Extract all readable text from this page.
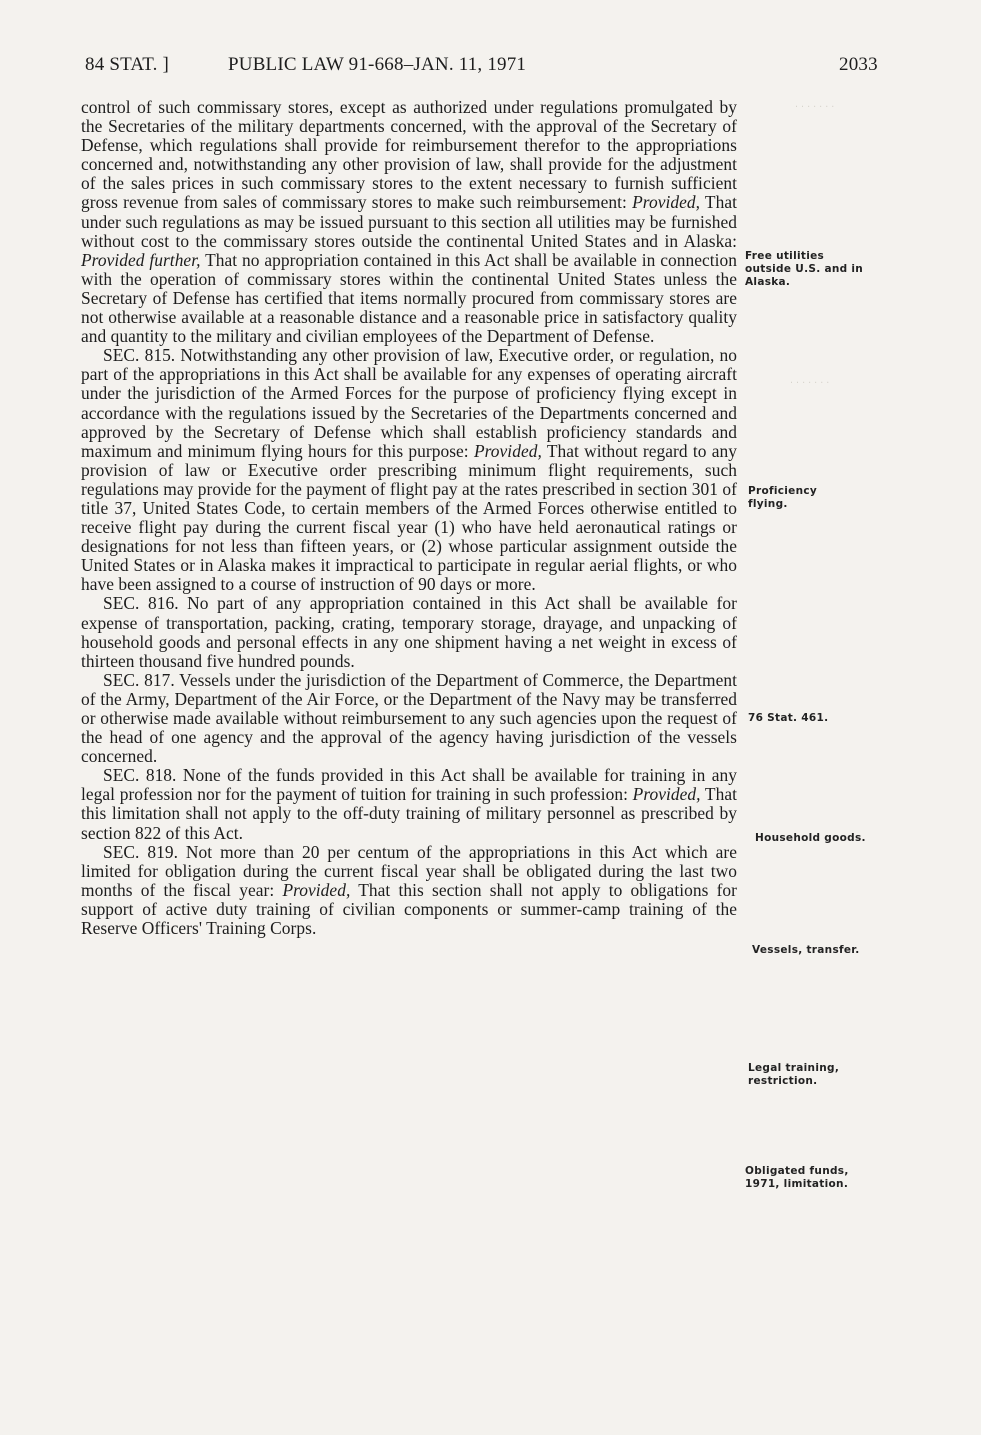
84 STAT. ]	PUBLIC LAW 91-668–JAN. 11, 1971	2033
· · · · · · ·
· · · · · · ·

control of such commissary stores, except as authorized under regulations promulgated by the Secretaries of the military departments concerned, with the approval of the Secretary of Defense, which regulations shall provide for reimbursement therefor to the appropriations concerned and, notwithstanding any other provision of law, shall provide for the adjustment of the sales prices in such commissary stores to the extent necessary to furnish sufficient gross revenue from sales of commissary stores to make such reimbursement: Provided, That under such regulations as may be issued pursuant to this section all utilities may be furnished without cost to the commissary stores outside the continental United States and in Alaska: Provided further, That no appropriation contained in this Act shall be available in connection with the operation of commissary stores within the continental United States unless the Secretary of Defense has certified that items normally procured from commissary stores are not otherwise available at a reasonable distance and a reasonable price in satisfactory quality and quantity to the military and civilian employees of the Department of Defense.

SEC. 815. Notwithstanding any other provision of law, Executive order, or regulation, no part of the appropriations in this Act shall be available for any expenses of operating aircraft under the jurisdiction of the Armed Forces for the purpose of proficiency flying except in accordance with the regulations issued by the Secretaries of the Departments concerned and approved by the Secretary of Defense which shall establish proficiency standards and maximum and minimum flying hours for this purpose: Provided, That without regard to any provision of law or Executive order prescribing minimum flight requirements, such regulations may provide for the payment of flight pay at the rates prescribed in section 301 of title 37, United States Code, to certain members of the Armed Forces otherwise entitled to receive flight pay during the current fiscal year (1) who have held aeronautical ratings or designations for not less than fifteen years, or (2) whose particular assignment outside the United States or in Alaska makes it impractical to participate in regular aerial flights, or who have been assigned to a course of instruction of 90 days or more.

SEC. 816. No part of any appropriation contained in this Act shall be available for expense of transportation, packing, crating, temporary storage, drayage, and unpacking of household goods and personal effects in any one shipment having a net weight in excess of thirteen thousand five hundred pounds.

SEC. 817. Vessels under the jurisdiction of the Department of Commerce, the Department of the Army, Department of the Air Force, or the Department of the Navy may be transferred or otherwise made available without reimbursement to any such agencies upon the request of the head of one agency and the approval of the agency having jurisdiction of the vessels concerned.

SEC. 818. None of the funds provided in this Act shall be available for training in any legal profession nor for the payment of tuition for training in such profession: Provided, That this limitation shall not apply to the off-duty training of military personnel as prescribed by section 822 of this Act.

SEC. 819. Not more than 20 per centum of the appropriations in this Act which are limited for obligation during the current fiscal year shall be obligated during the last two months of the fiscal year: Provided, That this section shall not apply to obligations for support of active duty training of civilian components or summer-camp training of the Reserve Officers' Training Corps.

Free utilities outside U.S. and in Alaska.
Proficiency flying.
76 Stat. 461.
Household goods.
Vessels, transfer.
Legal training, restriction.
Obligated funds, 1971, limitation.
